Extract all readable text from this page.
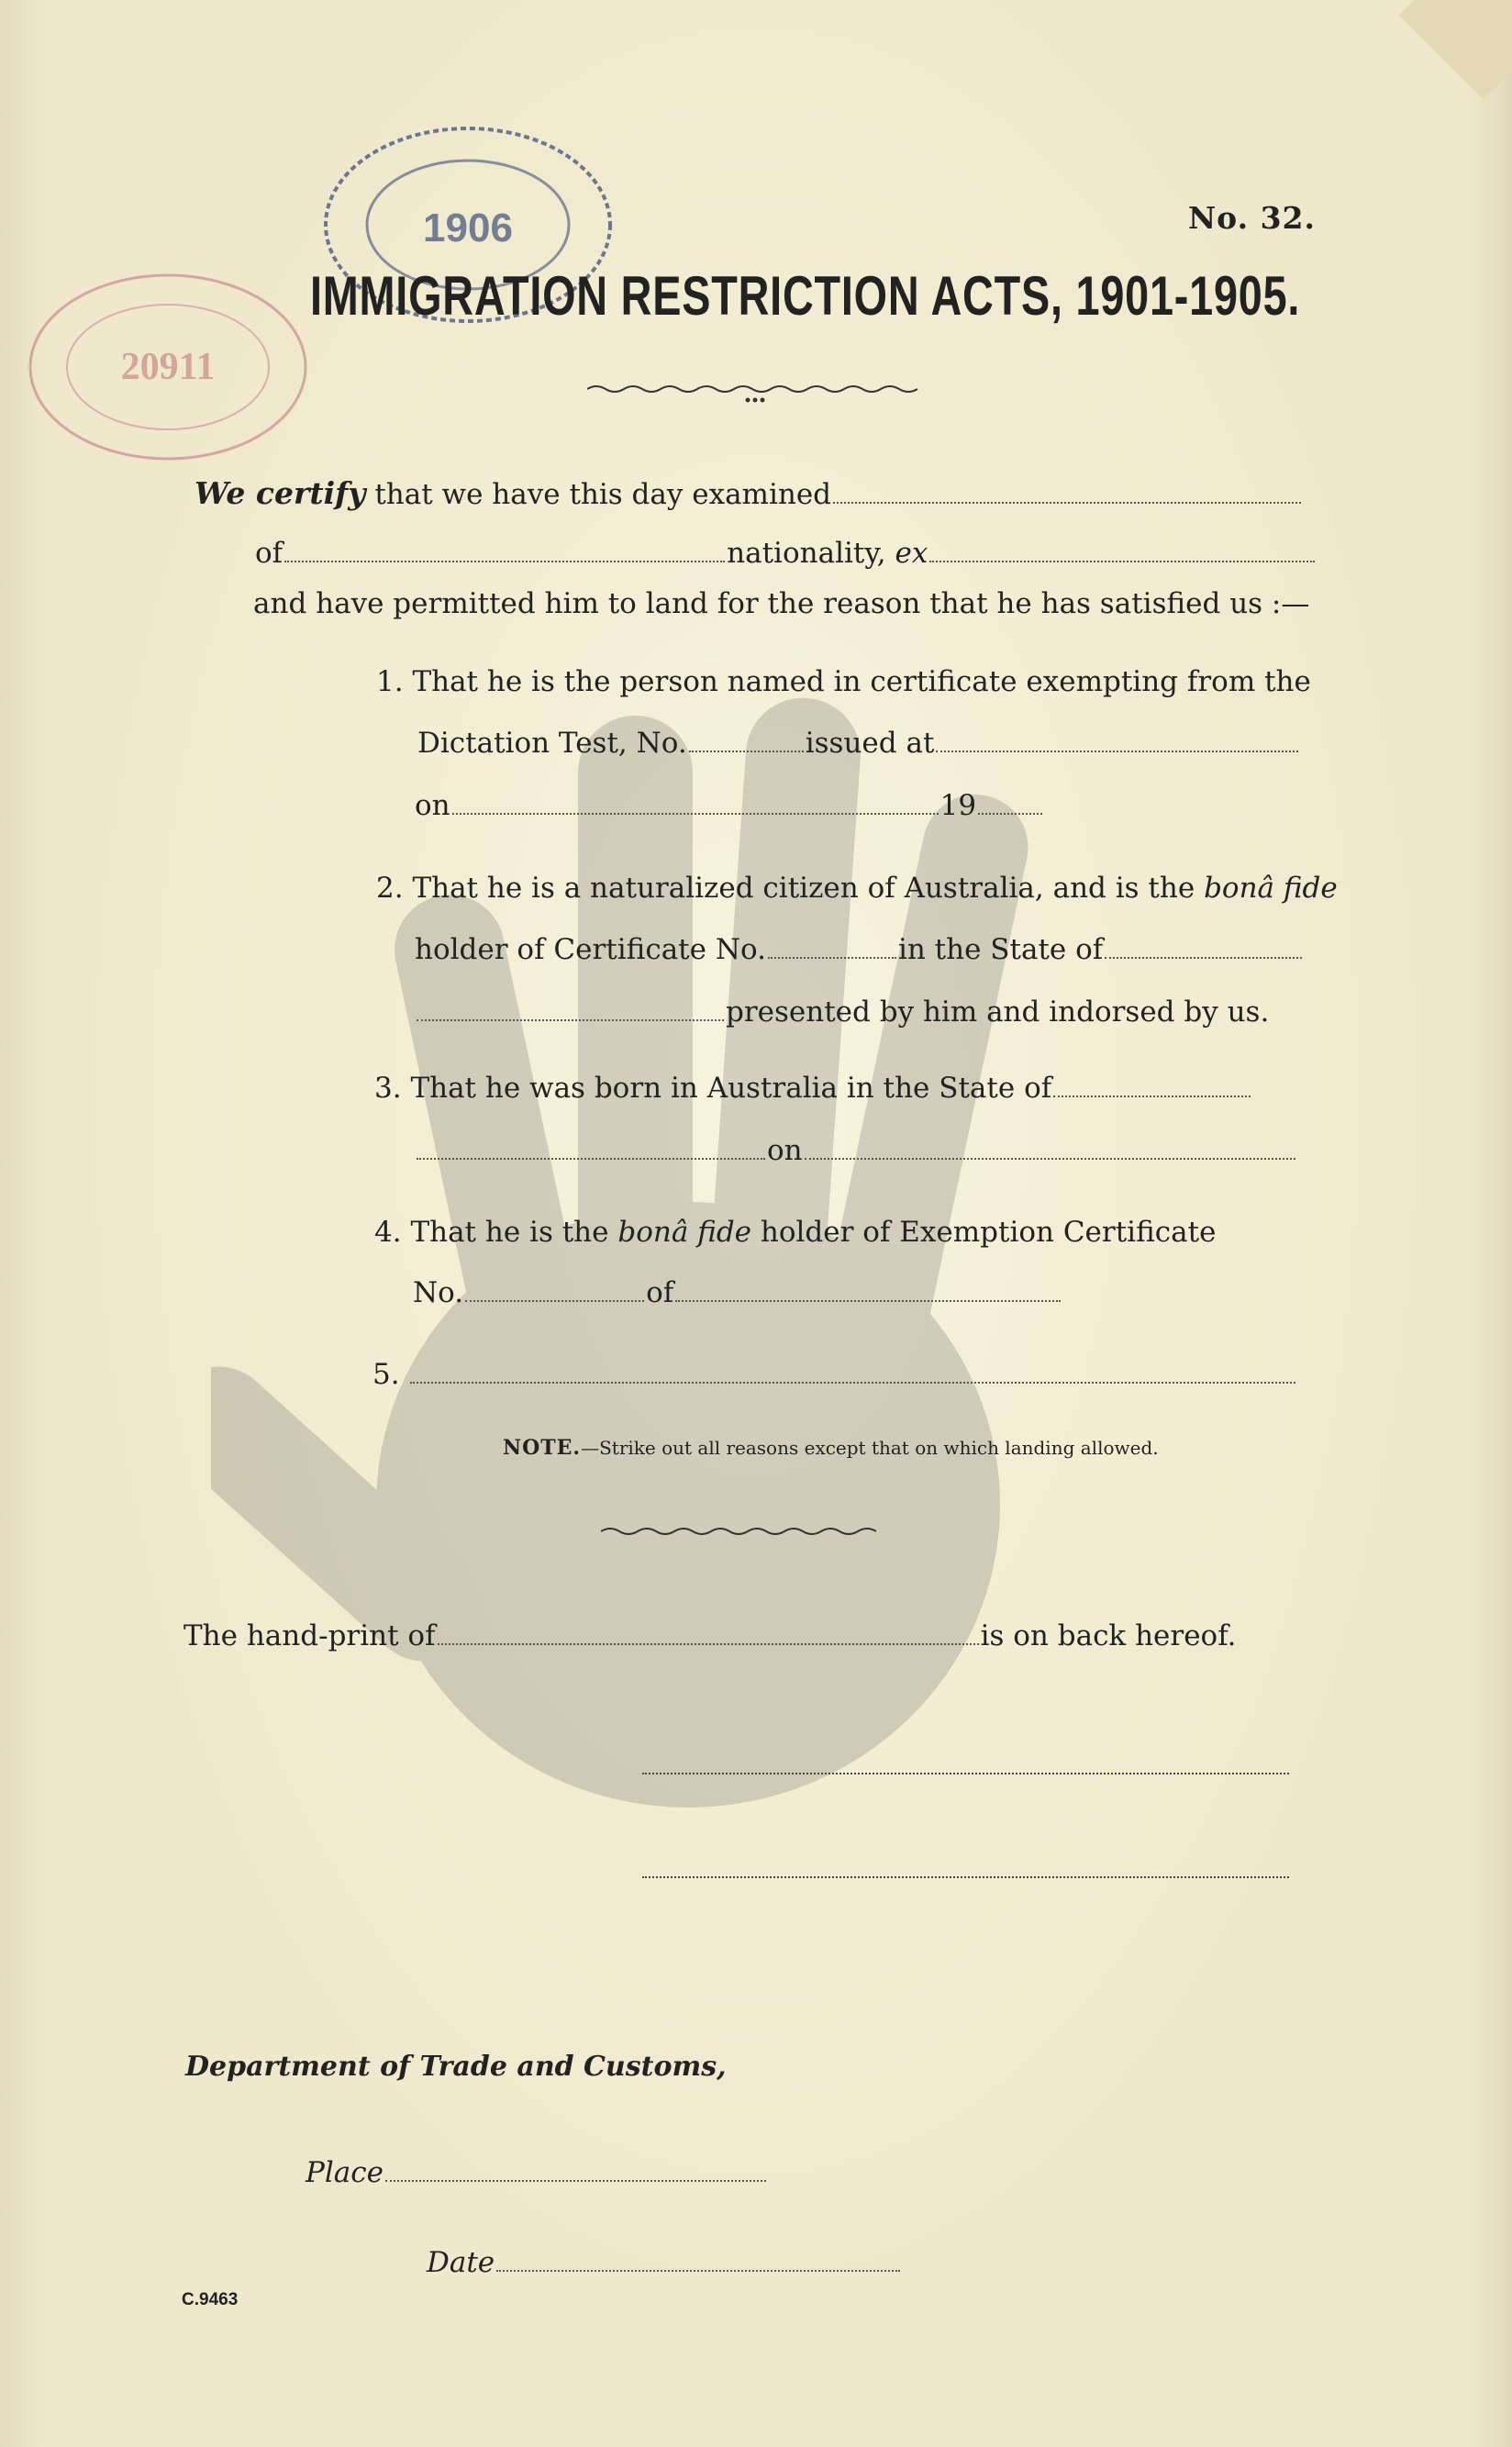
20911
1906	No. 32.
IMMIGRATION RESTRICTION ACTS, 1901-1905.
We certify that we have this day examined
of	nationality, ex
and have permitted him to land for the reason that he has satisfied us :—
1. That he is the person named in certificate exempting from the
Dictation Test, No.	issued at
on	19
2. That he is a naturalized citizen of Australia, and is the bonâ fide
holder of Certificate No.	in the State of
presented by him and indorsed by us.
3. That he was born in Australia in the State of
on
4. That he is the bonâ fide holder of Exemption Certificate
No.	of
5.
NOTE.—Strike out all reasons except that on which landing allowed.
The hand-print of	is on back hereof.
Department of Trade and Customs,
Place
Date
C.9463
